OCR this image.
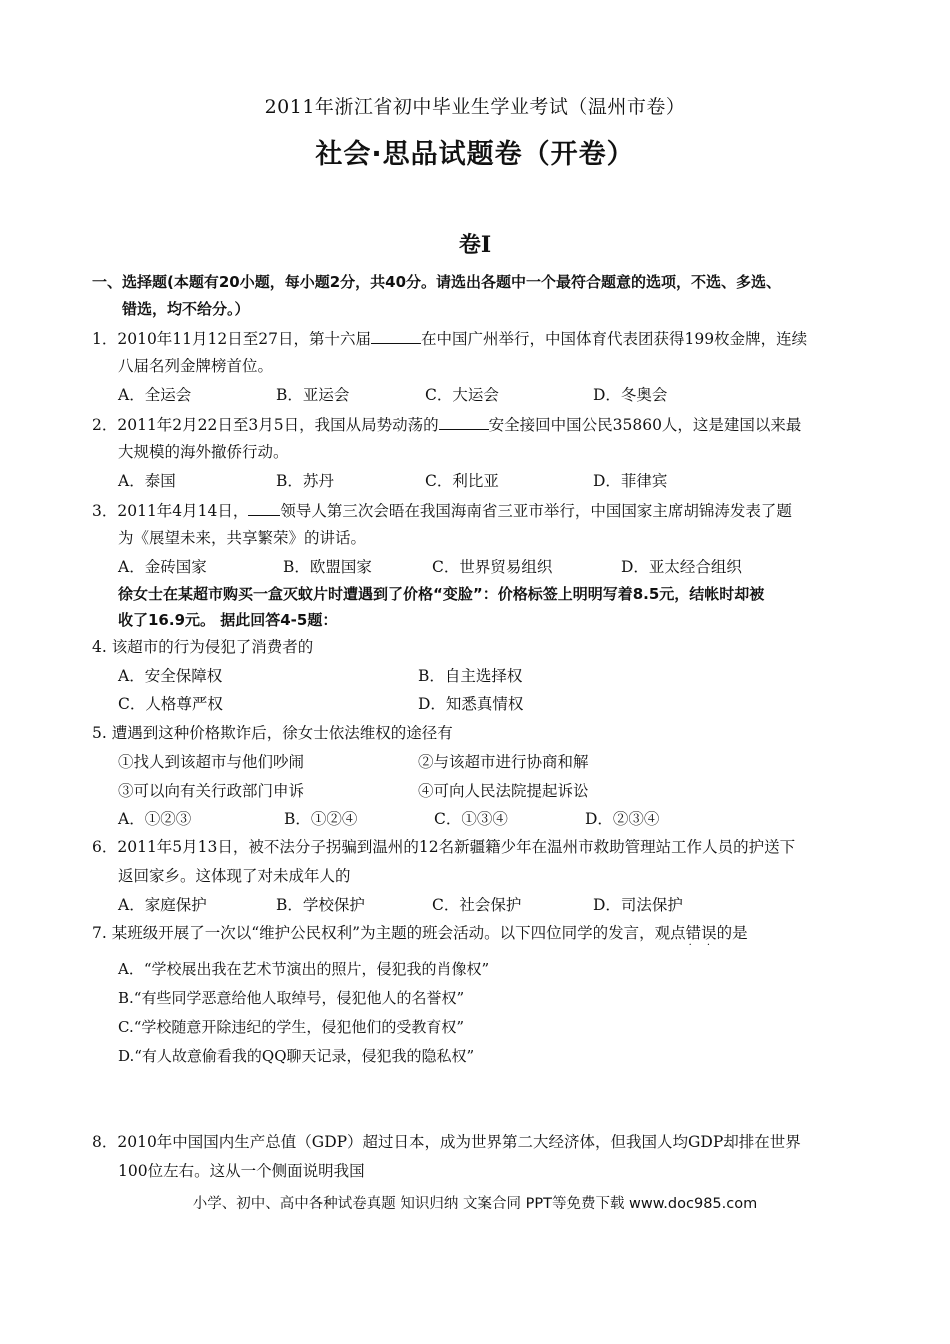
2011年浙江省初中毕业生学业考试（温州市卷）
社会·思品试题卷（开卷）
卷Ⅰ
一、选择题(本题有20小题，每小题2分，共40分。请选出各题中一个最符合题意的选项，不选、多选、
错选，均不给分。）
1．2010年11月12日至27日，第十六届	在中国广州举行，中国体育代表团获得199枚金牌，连续
八届名列金牌榜首位。
A．全运会	B．亚运会	C．大运会	D．冬奥会
2．2011年2月22日至3月5日，我国从局势动荡的	安全接回中国公民35860人，这是建国以来最
大规模的海外撤侨行动。
A．泰国	B．苏丹	C．利比亚	D．菲律宾
3．2011年4月14日， 领导人第三次会晤在我国海南省三亚市举行，中国国家主席胡锦涛发表了题
为《展望未来，共享繁荣》的讲话。
A．金砖国家	B．欧盟国家	C．世界贸易组织	D．亚太经合组织
徐女士在某超市购买一盒灭蚊片时遭遇到了价格“变脸”：价格标签上明明写着8.5元，结帐时却被
收了16.9元。 据此回答4-5题：
4. 该超市的行为侵犯了消费者的
A．安全保障权	B．自主选择权
C．人格尊严权	D．知悉真情权
5. 遭遇到这种价格欺诈后，徐女士依法维权的途径有
①找人到该超市与他们吵闹	②与该超市进行协商和解
③可以向有关行政部门申诉	④可向人民法院提起诉讼
A．①②③	B．①②④	C．①③④	D．②③④
6．2011年5月13日，被不法分子拐骗到温州的12名新疆籍少年在温州市救助管理站工作人员的护送下
返回家乡。这体现了对未成年人的
A．家庭保护	B．学校保护	C．社会保护	D．司法保护
7. 某班级开展了一次以“维护公民权利”为主题的班会活动。以下四位同学的发言，观点错误 · ·的是
A．“学校展出我在艺术节演出的照片，侵犯我的肖像权”
B.“有些同学恶意给他人取绰号，侵犯他人的名誉权”
C.“学校随意开除违纪的学生，侵犯他们的受教育权”
D.“有人故意偷看我的QQ聊天记录，侵犯我的隐私权”
8．2010年中国国内生产总值（GDP）超过日本，成为世界第二大经济体，但我国人均GDP却排在世界
100位左右。这从一个侧面说明我国
小学、初中、高中各种试卷真题 知识归纳 文案合同 PPT等免费下载 www.doc985.com
